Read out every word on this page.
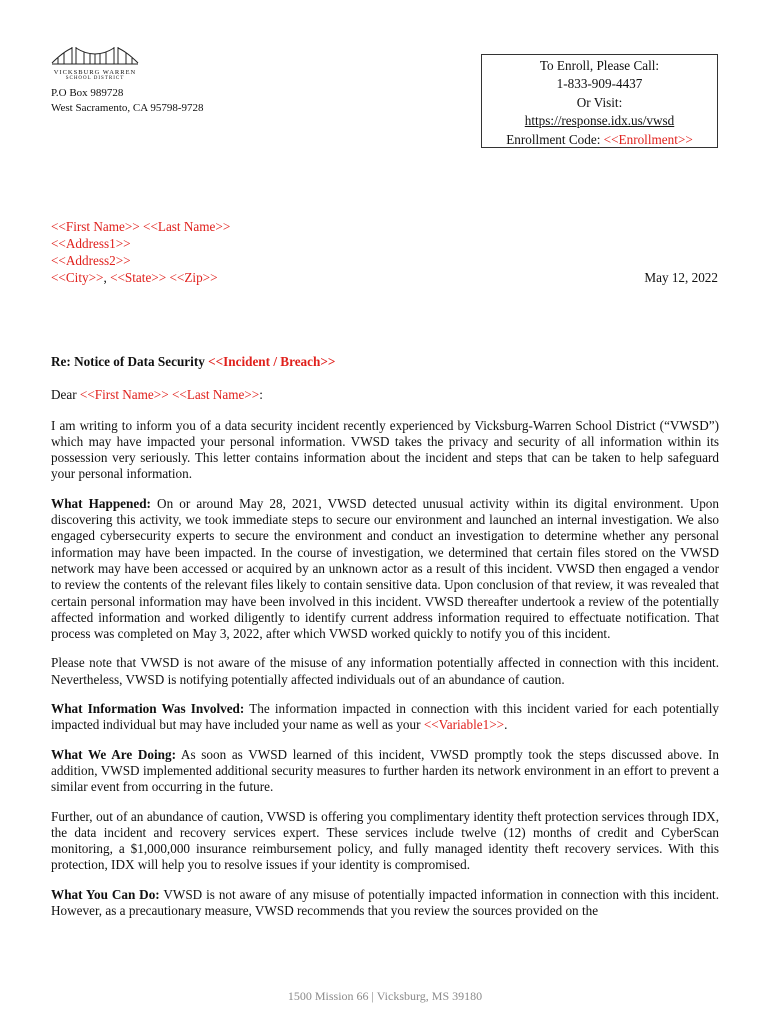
VICKSBURG WARREN
SCHOOL DISTRICT
P.O Box 989728
West Sacramento, CA 95798-9728
To Enroll, Please Call:
1-833-909-4437
Or Visit:
https://response.idx.us/vwsd
Enrollment Code: <<Enrollment>>
<<First Name>> <<Last Name>>
<<Address1>>
<<Address2>>
<<City>>, <<State>> <<Zip>>	May 12, 2022

Re: Notice of Data Security <<Incident / Breach>>

Dear <<First Name>> <<Last Name>>:

I am writing to inform you of a data security incident recently experienced by Vicksburg-Warren School District (“VWSD”) which may have impacted your personal information. VWSD takes the privacy and security of all information within its possession very seriously. This letter contains information about the incident and steps that can be taken to help safeguard your personal information.

What Happened: On or around May 28, 2021, VWSD detected unusual activity within its digital environment. Upon discovering this activity, we took immediate steps to secure our environment and launched an internal investigation. We also engaged cybersecurity experts to secure the environment and conduct an investigation to determine whether any personal information may have been impacted. In the course of investigation, we determined that certain files stored on the VWSD network may have been accessed or acquired by an unknown actor as a result of this incident. VWSD then engaged a vendor to review the contents of the relevant files likely to contain sensitive data. Upon conclusion of that review, it was revealed that certain personal information may have been involved in this incident. VWSD thereafter undertook a review of the potentially affected information and worked diligently to identify current address information required to effectuate notification. That process was completed on May 3, 2022, after which VWSD worked quickly to notify you of this incident.

Please note that VWSD is not aware of the misuse of any information potentially affected in connection with this incident. Nevertheless, VWSD is notifying potentially affected individuals out of an abundance of caution.

What Information Was Involved: The information impacted in connection with this incident varied for each potentially impacted individual but may have included your name as well as your <<Variable1>>.

What We Are Doing: As soon as VWSD learned of this incident, VWSD promptly took the steps discussed above. In addition, VWSD implemented additional security measures to further harden its network environment in an effort to prevent a similar event from occurring in the future.

Further, out of an abundance of caution, VWSD is offering you complimentary identity theft protection services through IDX, the data incident and recovery services expert. These services include twelve (12) months of credit and CyberScan monitoring, a $1,000,000 insurance reimbursement policy, and fully managed identity theft recovery services. With this protection, IDX will help you to resolve issues if your identity is compromised.

What You Can Do: VWSD is not aware of any misuse of potentially impacted information in connection with this incident. However, as a precautionary measure, VWSD recommends that you review the sources provided on the

1500 Mission 66 | Vicksburg, MS 39180
